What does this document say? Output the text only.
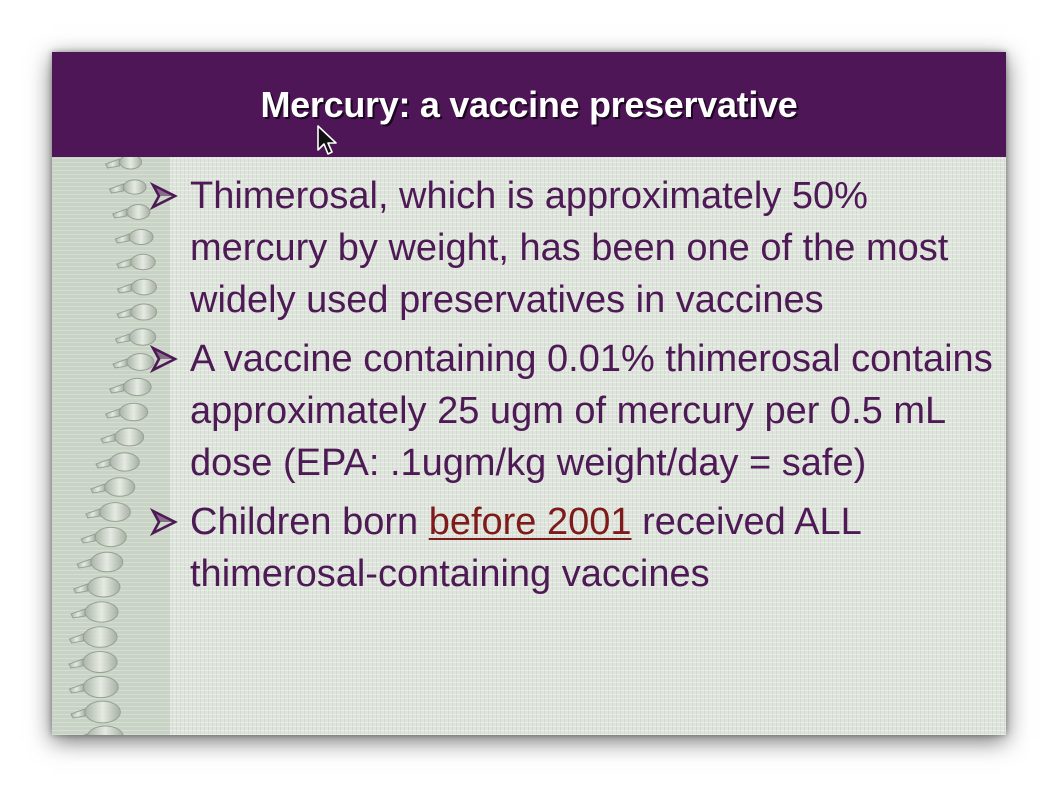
Mercury: a vaccine preservative
Thimerosal, which is approximately 50% mercury by weight, has been one of the most widely used preservatives in vaccines
A vaccine containing 0.01% thimerosal contains approximately 25 ugm of mercury per 0.5 mL dose (EPA: .1ugm/kg weight/day = safe)
Children born before 2001 received ALL thimerosal-containing vaccines
